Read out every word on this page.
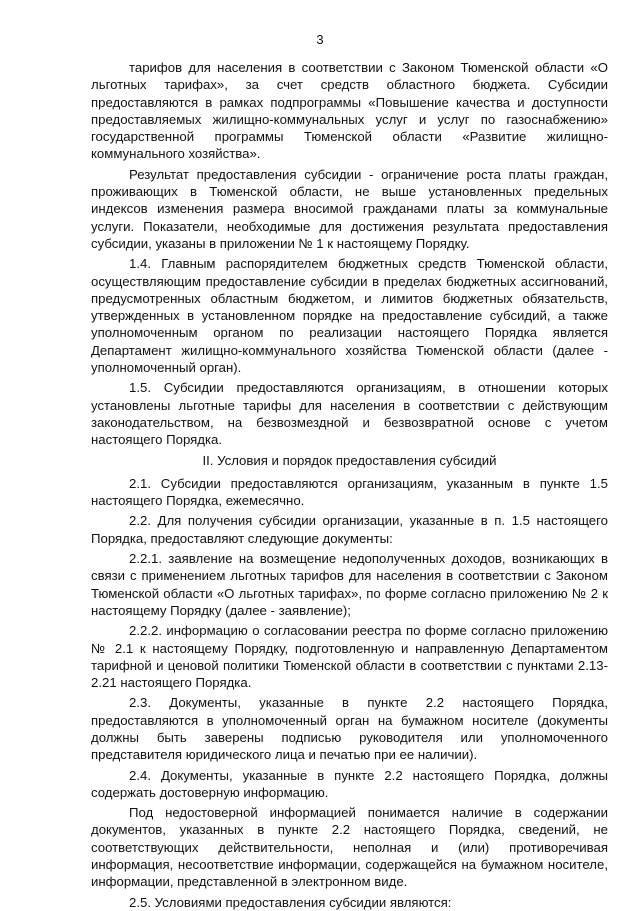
3

тарифов для населения в соответствии с Законом Тюменской области «О льготных тарифах», за счет средств областного бюджета. Субсидии предоставляются в рамках подпрограммы «Повышение качества и доступности предоставляемых жилищно-коммунальных услуг и услуг по газоснабжению» государственной программы Тюменской области «Развитие жилищно-коммунального хозяйства».

Результат предоставления субсидии - ограничение роста платы граждан, проживающих в Тюменской области, не выше установленных предельных индексов изменения размера вносимой гражданами платы за коммунальные услуги. Показатели, необходимые для достижения результата предоставления субсидии, указаны в приложении № 1 к настоящему Порядку.

1.4. Главным распорядителем бюджетных средств Тюменской области, осуществляющим предоставление субсидии в пределах бюджетных ассигнований, предусмотренных областным бюджетом, и лимитов бюджетных обязательств, утвержденных в установленном порядке на предоставление субсидий, а также уполномоченным органом по реализации настоящего Порядка является Департамент жилищно-коммунального хозяйства Тюменской области (далее - уполномоченный орган).

1.5. Субсидии предоставляются организациям, в отношении которых установлены льготные тарифы для населения в соответствии с действующим законодательством, на безвозмездной и безвозвратной основе с учетом настоящего Порядка.

II. Условия и порядок предоставления субсидий

2.1. Субсидии предоставляются организациям, указанным в пункте 1.5 настоящего Порядка, ежемесячно.

2.2. Для получения субсидии организации, указанные в п. 1.5 настоящего Порядка, предоставляют следующие документы:

2.2.1. заявление на возмещение недополученных доходов, возникающих в связи с применением льготных тарифов для населения в соответствии с Законом Тюменской области «О льготных тарифах», по форме согласно приложению № 2 к настоящему Порядку (далее - заявление);

2.2.2. информацию о согласовании реестра по форме согласно приложению № 2.1 к настоящему Порядку, подготовленную и направленную Департаментом тарифной и ценовой политики Тюменской области в соответствии с пунктами 2.13-2.21 настоящего Порядка.

2.3. Документы, указанные в пункте 2.2 настоящего Порядка, предоставляются в уполномоченный орган на бумажном носителе (документы должны быть заверены подписью руководителя или уполномоченного представителя юридического лица и печатью при ее наличии).

2.4. Документы, указанные в пункте 2.2 настоящего Порядка, должны содержать достоверную информацию.

Под недостоверной информацией понимается наличие в содержании документов, указанных в пункте 2.2 настоящего Порядка, сведений, не соответствующих действительности, неполная и (или) противоречивая информация, несоответствие информации, содержащейся на бумажном носителе, информации, представленной в электронном виде.

2.5. Условиями предоставления субсидии являются:
